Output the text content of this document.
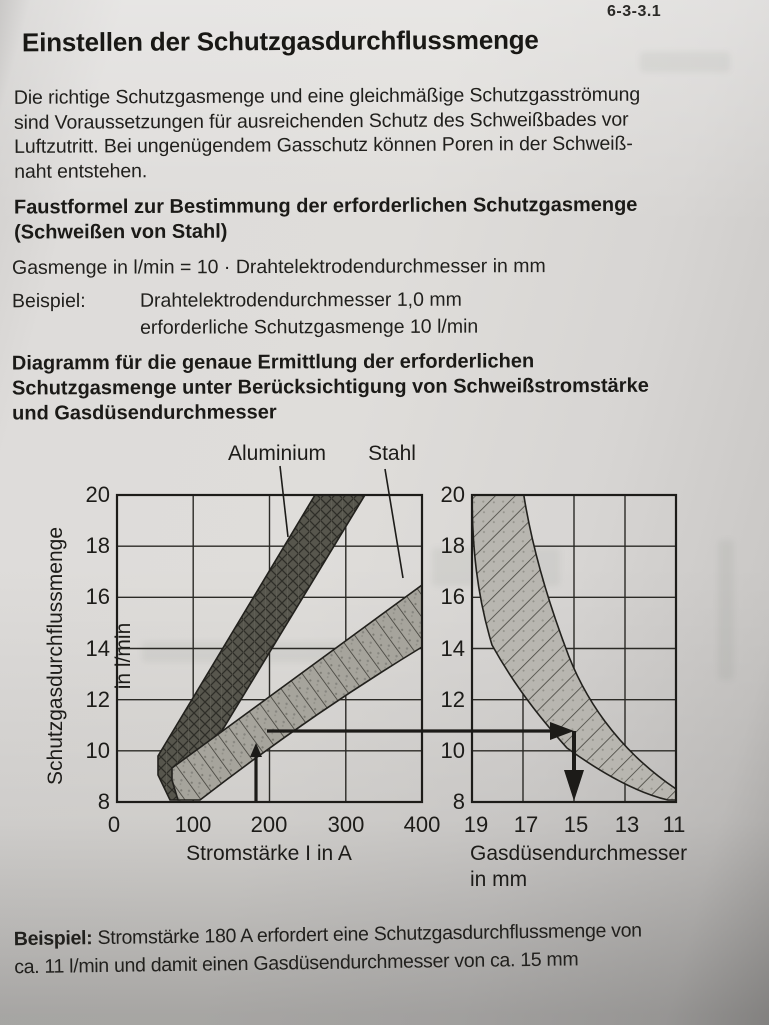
6-3-3.1
Einstellen der Schutzgasdurchflussmenge
Die richtige Schutzgasmenge und eine gleichmäßige Schutzgasströmung
sind Voraussetzungen für ausreichenden Schutz des Schweißbades vor
Luftzutritt. Bei ungenügendem Gasschutz können Poren in der Schweiß-
naht entstehen.
Faustformel zur Bestimmung der erforderlichen Schutzgasmenge
(Schweißen von Stahl)
Gasmenge in l/min = 10 · Drahtelektrodendurchmesser in mm
Beispiel:	Drahtelektrodendurchmesser 1,0 mm
erforderliche Schutzgasmenge 10 l/min
Diagramm für die genaue Ermittlung der erforderlichen
Schutzgasmenge unter Berücksichtigung von Schweißstromstärke
und Gasdüsendurchmesser
Aluminium Stahl
Schutzgasdurchflussmenge in l/min
20
18
16
14
12
10
8
20
18
16
14
12
10
8
0 100 200 300 400 19 17 15 13 11
Stromstärke I in A	Gasdüsendurchmesser
in mm
Beispiel: Stromstärke 180 A erfordert eine Schutzgasdurchflussmenge von
ca. 11 l/min und damit einen Gasdüsendurchmesser von ca. 15 mm
